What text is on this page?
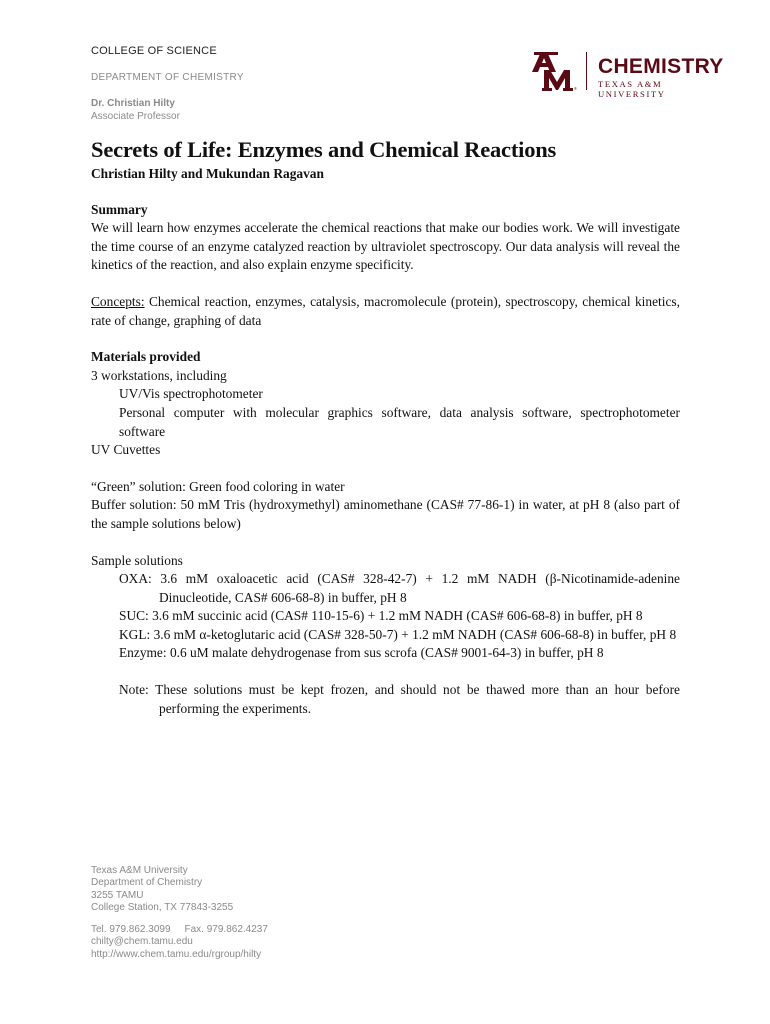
COLLEGE OF SCIENCE
DEPARTMENT OF CHEMISTRY
Dr. Christian Hilty
Associate Professor
®
CHEMISTRY
TEXAS A&M UNIVERSITY
Secrets of Life: Enzymes and Chemical Reactions
Christian Hilty and Mukundan Ragavan
Summary

We will learn how enzymes accelerate the chemical reactions that make our bodies work. We will investigate the time course of an enzyme catalyzed reaction by ultraviolet spectroscopy. Our data analysis will reveal the kinetics of the reaction, and also explain enzyme specificity.

Concepts: Chemical reaction, enzymes, catalysis, macromolecule (protein), spectroscopy, chemical kinetics, rate of change, graphing of data

Materials provided
3 workstations, including
UV/Vis spectrophotometer
Personal computer with molecular graphics software, data analysis software, spectrophotometer software
UV Cuvettes
“Green” solution: Green food coloring in water

Buffer solution: 50 mM Tris (hydroxymethyl) aminomethane (CAS# 77-86-1) in water, at pH 8 (also part of the sample solutions below)

Sample solutions
OXA: 3.6 mM oxaloacetic acid (CAS# 328-42-7) + 1.2 mM NADH (β-Nicotinamide-adenine Dinucleotide, CAS# 606-68-8) in buffer, pH 8
SUC: 3.6 mM succinic acid (CAS# 110-15-6) + 1.2 mM NADH (CAS# 606-68-8) in buffer, pH 8
KGL: 3.6 mM α-ketoglutaric acid (CAS# 328-50-7) + 1.2 mM NADH (CAS# 606-68-8) in buffer, pH 8
Enzyme: 0.6 uM malate dehydrogenase from sus scrofa (CAS# 9001-64-3) in buffer, pH 8
Note: These solutions must be kept frozen, and should not be thawed more than an hour before performing the experiments.
Texas A&M University
Department of Chemistry
3255 TAMU
College Station, TX 77843-3255
Tel. 979.862.3099 Fax. 979.862.4237
chilty@chem.tamu.edu
http://www.chem.tamu.edu/rgroup/hilty
